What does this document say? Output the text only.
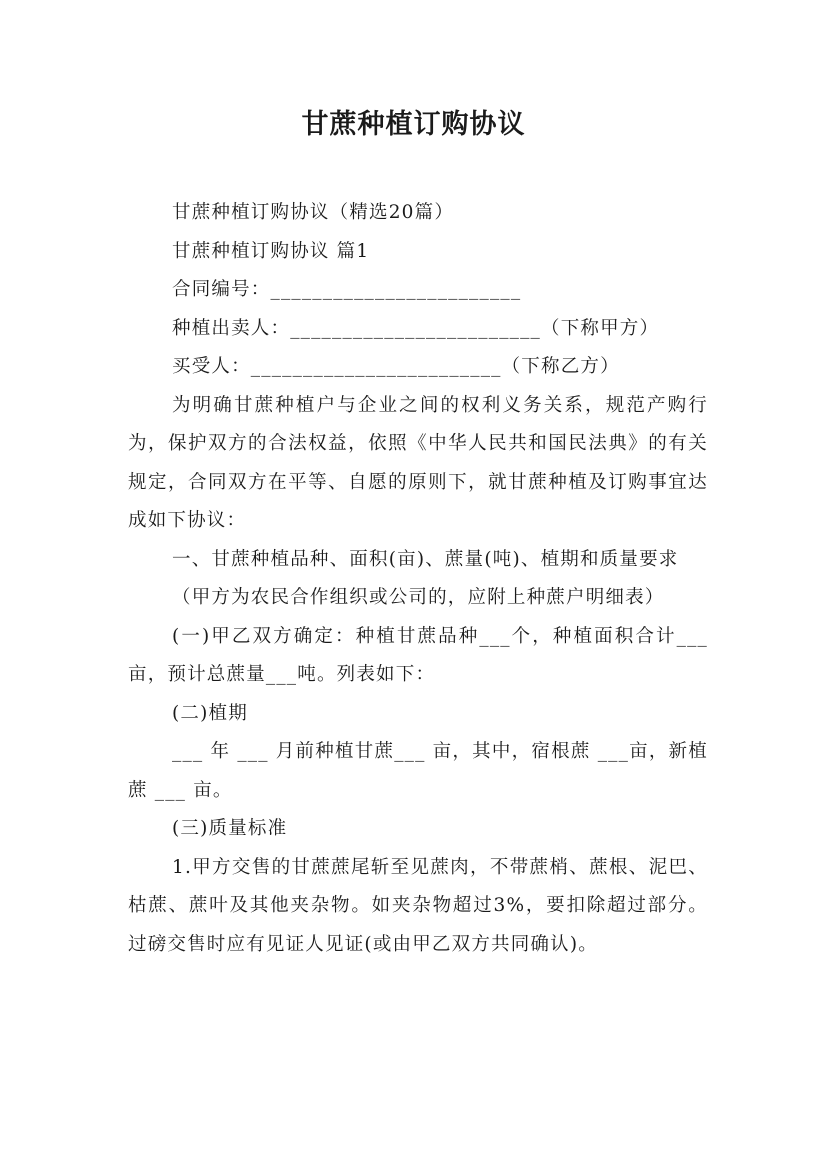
甘蔗种植订购协议

甘蔗种植订购协议（精选20篇）

甘蔗种植订购协议 篇1

合同编号：________________________

种植出卖人：________________________（下称甲方）

买受人：________________________（下称乙方）

为明确甘蔗种植户与企业之间的权利义务关系，规范产购行为，保护双方的合法权益，依照《中华人民共和国民法典》的有关规定，合同双方在平等、自愿的原则下，就甘蔗种植及订购事宜达成如下协议：

一、甘蔗种植品种、面积(亩)、蔗量(吨)、植期和质量要求

（甲方为农民合作组织或公司的，应附上种蔗户明细表）

(一)甲乙双方确定：种植甘蔗品种___个，种植面积合计___亩，预计总蔗量___吨。列表如下：

(二)植期

___ 年 ___ 月前种植甘蔗___ 亩，其中，宿根蔗 ___亩，新植蔗 ___ 亩。

(三)质量标准

1.甲方交售的甘蔗蔗尾斩至见蔗肉，不带蔗梢、蔗根、泥巴、枯蔗、蔗叶及其他夹杂物。如夹杂物超过3%，要扣除超过部分。过磅交售时应有见证人见证(或由甲乙双方共同确认)。
